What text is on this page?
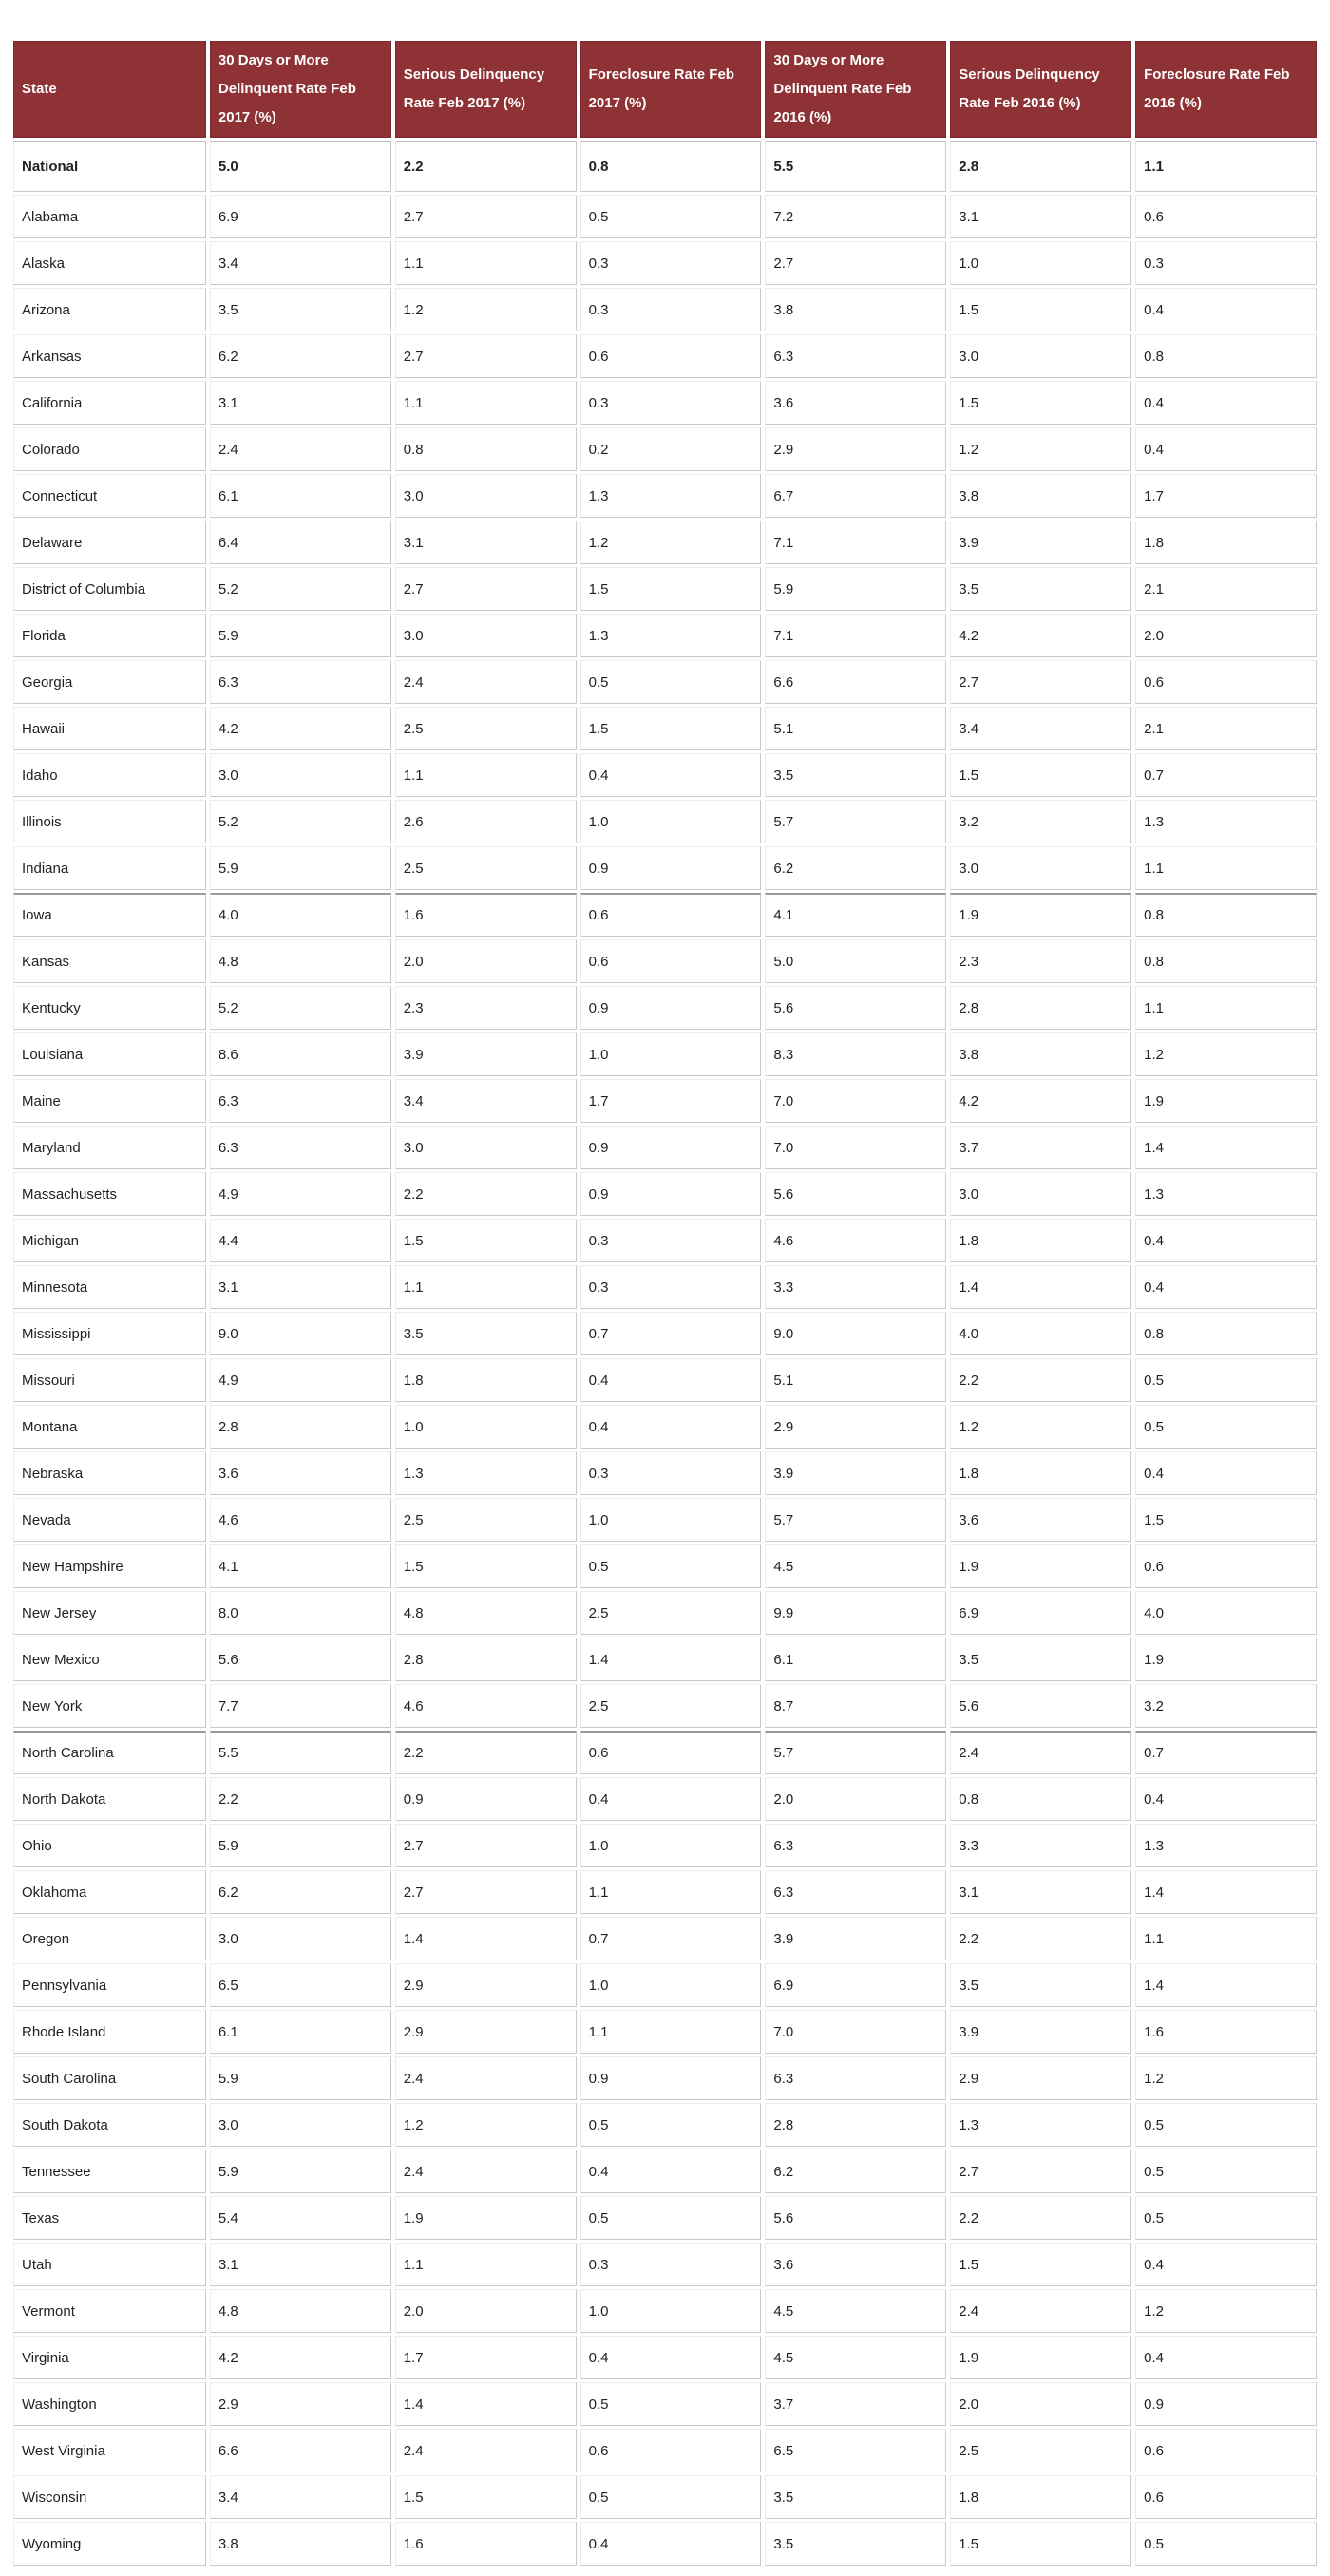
State	30 Days or More Delinquent Rate Feb 2017 (%)	Serious Delinquency Rate Feb 2017 (%)	Foreclosure Rate Feb 2017 (%)	30 Days or More Delinquent Rate Feb 2016 (%)	Serious Delinquency Rate Feb 2016 (%)	Foreclosure Rate Feb 2016 (%)
National	5.0	2.2	0.8	5.5	2.8	1.1
Alabama	6.9	2.7	0.5	7.2	3.1	0.6
Alaska	3.4	1.1	0.3	2.7	1.0	0.3
Arizona	3.5	1.2	0.3	3.8	1.5	0.4
Arkansas	6.2	2.7	0.6	6.3	3.0	0.8
California	3.1	1.1	0.3	3.6	1.5	0.4
Colorado	2.4	0.8	0.2	2.9	1.2	0.4
Connecticut	6.1	3.0	1.3	6.7	3.8	1.7
Delaware	6.4	3.1	1.2	7.1	3.9	1.8
District of Columbia	5.2	2.7	1.5	5.9	3.5	2.1
Florida	5.9	3.0	1.3	7.1	4.2	2.0
Georgia	6.3	2.4	0.5	6.6	2.7	0.6
Hawaii	4.2	2.5	1.5	5.1	3.4	2.1
Idaho	3.0	1.1	0.4	3.5	1.5	0.7
Illinois	5.2	2.6	1.0	5.7	3.2	1.3
Indiana	5.9	2.5	0.9	6.2	3.0	1.1
Iowa	4.0	1.6	0.6	4.1	1.9	0.8
Kansas	4.8	2.0	0.6	5.0	2.3	0.8
Kentucky	5.2	2.3	0.9	5.6	2.8	1.1
Louisiana	8.6	3.9	1.0	8.3	3.8	1.2
Maine	6.3	3.4	1.7	7.0	4.2	1.9
Maryland	6.3	3.0	0.9	7.0	3.7	1.4
Massachusetts	4.9	2.2	0.9	5.6	3.0	1.3
Michigan	4.4	1.5	0.3	4.6	1.8	0.4
Minnesota	3.1	1.1	0.3	3.3	1.4	0.4
Mississippi	9.0	3.5	0.7	9.0	4.0	0.8
Missouri	4.9	1.8	0.4	5.1	2.2	0.5
Montana	2.8	1.0	0.4	2.9	1.2	0.5
Nebraska	3.6	1.3	0.3	3.9	1.8	0.4
Nevada	4.6	2.5	1.0	5.7	3.6	1.5
New Hampshire	4.1	1.5	0.5	4.5	1.9	0.6
New Jersey	8.0	4.8	2.5	9.9	6.9	4.0
New Mexico	5.6	2.8	1.4	6.1	3.5	1.9
New York	7.7	4.6	2.5	8.7	5.6	3.2
North Carolina	5.5	2.2	0.6	5.7	2.4	0.7
North Dakota	2.2	0.9	0.4	2.0	0.8	0.4
Ohio	5.9	2.7	1.0	6.3	3.3	1.3
Oklahoma	6.2	2.7	1.1	6.3	3.1	1.4
Oregon	3.0	1.4	0.7	3.9	2.2	1.1
Pennsylvania	6.5	2.9	1.0	6.9	3.5	1.4
Rhode Island	6.1	2.9	1.1	7.0	3.9	1.6
South Carolina	5.9	2.4	0.9	6.3	2.9	1.2
South Dakota	3.0	1.2	0.5	2.8	1.3	0.5
Tennessee	5.9	2.4	0.4	6.2	2.7	0.5
Texas	5.4	1.9	0.5	5.6	2.2	0.5
Utah	3.1	1.1	0.3	3.6	1.5	0.4
Vermont	4.8	2.0	1.0	4.5	2.4	1.2
Virginia	4.2	1.7	0.4	4.5	1.9	0.4
Washington	2.9	1.4	0.5	3.7	2.0	0.9
West Virginia	6.6	2.4	0.6	6.5	2.5	0.6
Wisconsin	3.4	1.5	0.5	3.5	1.8	0.6
Wyoming	3.8	1.6	0.4	3.5	1.5	0.5
